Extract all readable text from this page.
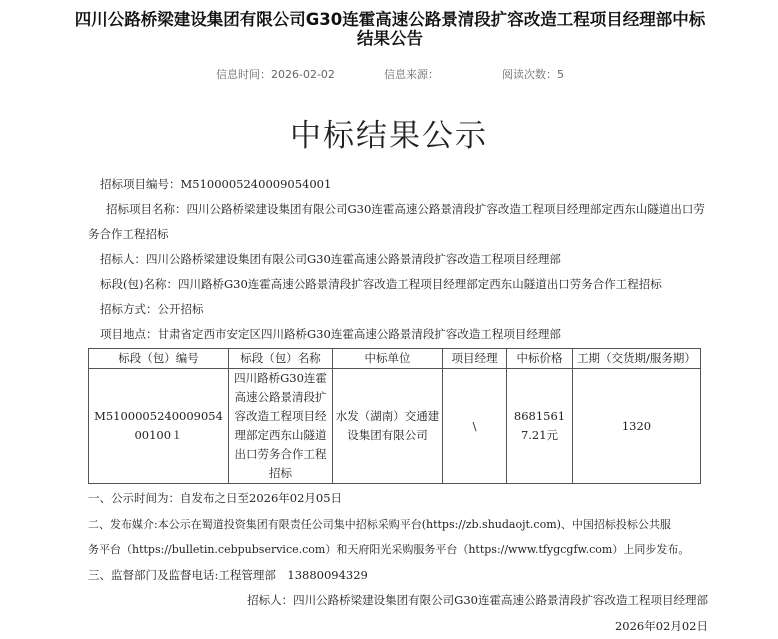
四川公路桥梁建设集团有限公司G30连霍高速公路景清段扩容改造工程项目经理部中标结果公告
信息时间：2026-02-02	信息来源：	阅读次数：5
中标结果公示
招标项目编号：M5100005240009054001
招标项目名称：四川公路桥梁建设集团有限公司G30连霍高速公路景清段扩容改造工程项目经理部定西东山隧道出口劳
务合作工程招标
招标人：四川公路桥梁建设集团有限公司G30连霍高速公路景清段扩容改造工程项目经理部
标段(包)名称：四川路桥G30连霍高速公路景清段扩容改造工程项目经理部定西东山隧道出口劳务合作工程招标
招标方式：公开招标
项目地点：甘肃省定西市安定区四川路桥G30连霍高速公路景清段扩容改造工程项目经理部
标段（包）编号	标段（包）名称	中标单位	项目经理	中标价格	工期（交货期/服务期）
M510000524000905400100１	四川路桥G30连霍高速公路景清段扩容改造工程项目经理部定西东山隧道出口劳务合作工程招标	水发（湖南）交通建设集团有限公司	\	86815617.21元	1320
一、公示时间为：自发布之日至2026年02月05日
二、发布媒介:本公示在蜀道投资集团有限责任公司集中招标采购平台(https://zb.shudaojt.com)、中国招标投标公共服
务平台（https://bulletin.cebpubservice.com）和天府阳光采购服务平台（https://www.tfygcgfw.com）上同步发布。
三、监督部门及监督电话:工程管理部　13880094329
招标人：四川公路桥梁建设集团有限公司G30连霍高速公路景清段扩容改造工程项目经理部
2026年02月02日
